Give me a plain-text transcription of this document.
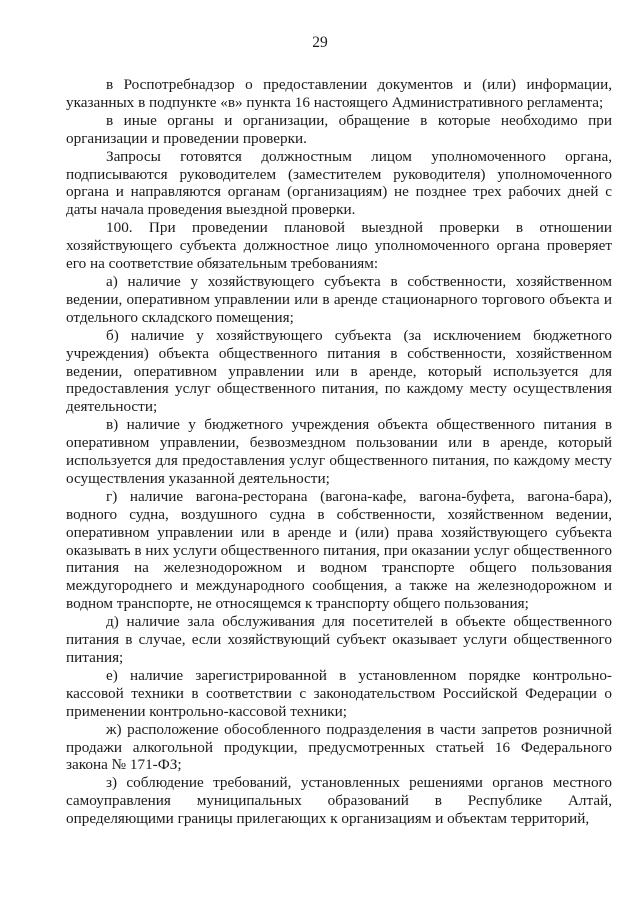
29

в Роспотребнадзор о предоставлении документов и (или) информации, указанных в подпункте «в» пункта 16 настоящего Административного регламента;

в иные органы и организации, обращение в которые необходимо при организации и проведении проверки.

Запросы готовятся должностным лицом уполномоченного органа, подписываются руководителем (заместителем руководителя) уполномоченного органа и направляются органам (организациям) не позднее трех рабочих дней с даты начала проведения выездной проверки.

100. При проведении плановой выездной проверки в отношении хозяйствующего субъекта должностное лицо уполномоченного органа проверяет его на соответствие обязательным требованиям:

а) наличие у хозяйствующего субъекта в собственности, хозяйственном ведении, оперативном управлении или в аренде стационарного торгового объекта и отдельного складского помещения;

б) наличие у хозяйствующего субъекта (за исключением бюджетного учреждения) объекта общественного питания в собственности, хозяйственном ведении, оперативном управлении или в аренде, который используется для предоставления услуг общественного питания, по каждому месту осуществления деятельности;

в) наличие у бюджетного учреждения объекта общественного питания в оперативном управлении, безвозмездном пользовании или в аренде, который используется для предоставления услуг общественного питания, по каждому месту осуществления указанной деятельности;

г) наличие вагона-ресторана (вагона-кафе, вагона-буфета, вагона-бара), водного судна, воздушного судна в собственности, хозяйственном ведении, оперативном управлении или в аренде и (или) права хозяйствующего субъекта оказывать в них услуги общественного питания, при оказании услуг общественного питания на железнодорожном и водном транспорте общего пользования междугороднего и международного сообщения, а также на железнодорожном и водном транспорте, не относящемся к транспорту общего пользования;

д) наличие зала обслуживания для посетителей в объекте общественного питания в случае, если хозяйствующий субъект оказывает услуги общественного питания;

е) наличие зарегистрированной в установленном порядке контрольно-кассовой техники в соответствии с законодательством Российской Федерации о применении контрольно-кассовой техники;

ж) расположение обособленного подразделения в части запретов розничной продажи алкогольной продукции, предусмотренных статьей 16 Федерального закона № 171-ФЗ;

з) соблюдение требований, установленных решениями органов местного самоуправления муниципальных образований в Республике Алтай, определяющими границы прилегающих к организациям и объектам территорий,
